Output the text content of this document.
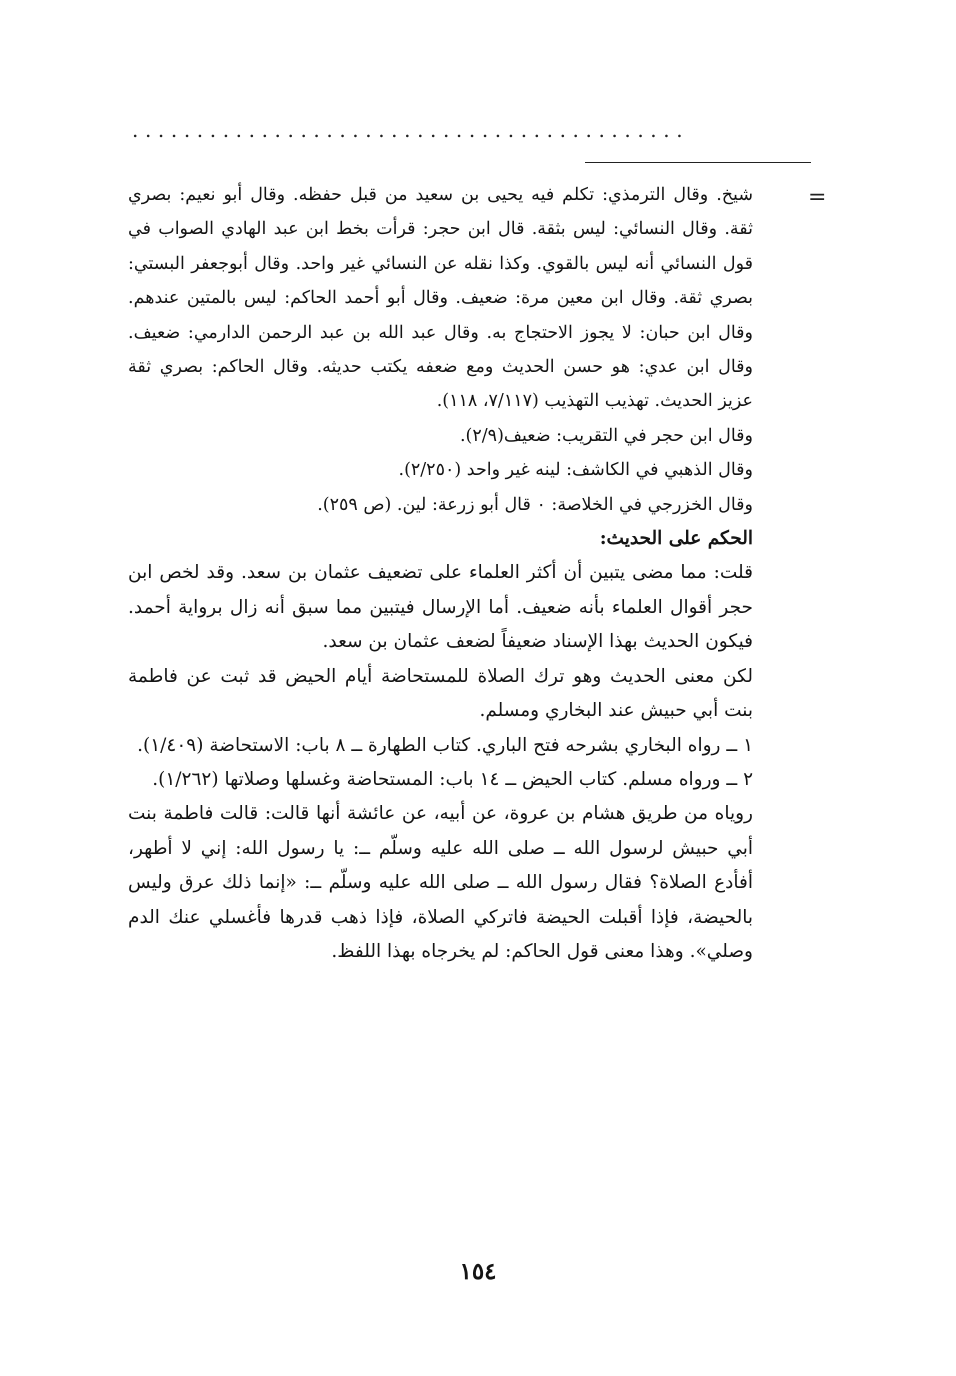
...........................................
=

شيخ. وقال الترمذي: تكلم فيه يحيى بن سعيد من قبل حفظه. وقال أبو نعيم: بصري ثقة. وقال النسائي: ليس بثقة. قال ابن حجر: قرأت بخط ابن عبد الهادي الصواب في قول النسائي أنه ليس بالقوي. وكذا نقله عن النسائي غير واحد. وقال أبوجعفر البستي: بصري ثقة. وقال ابن معين مرة: ضعيف. وقال أبو أحمد الحاكم: ليس بالمتين عندهم. وقال ابن حبان: لا يجوز الاحتجاج به. وقال عبد الله بن عبد الرحمن الدارمي: ضعيف. وقال ابن عدي: هو حسن الحديث ومع ضعفه يكتب حديثه. وقال الحاكم: بصري ثقة عزيز الحديث. تهذيب التهذيب (٧/١١٧، ١١٨).

وقال ابن حجر في التقريب: ضعيف(٢/٩).

وقال الذهبي في الكاشف: لينه غير واحد (٢/٢٥٠).

وقال الخزرجي في الخلاصة: ٠ قال أبو زرعة: لين. (ص ٢٥٩).

الحكم على الحديث:

قلت: مما مضى يتبين أن أكثر العلماء على تضعيف عثمان بن سعد. وقد لخص ابن حجر أقوال العلماء بأنه ضعيف. أما الإرسال فيتبين مما سبق أنه زال برواية أحمد. فيكون الحديث بهذا الإسناد ضعيفاً لضعف عثمان بن سعد.

لكن معنى الحديث وهو ترك الصلاة للمستحاضة أيام الحيض قد ثبت عن فاطمة بنت أبي حبيش عند البخاري ومسلم.

١ ــ رواه البخاري بشرحه فتح الباري. كتاب الطهارة ــ ٨ باب: الاستحاضة (١/٤٠٩).

٢ ــ ورواه مسلم. كتاب الحيض ــ ١٤ باب: المستحاضة وغسلها وصلاتها (١/٢٦٢).

روياه من طريق هشام بن عروة، عن أبيه، عن عائشة أنها قالت: قالت فاطمة بنت أبي حبيش لرسول الله ــ صلى الله عليه وسلّم ــ: يا رسول الله: إني لا أطهر، أفأدع الصلاة؟ فقال رسول الله ــ صلى الله عليه وسلّم ــ: «إنما ذلك عرق وليس بالحيضة، فإذا أقبلت الحيضة فاتركي الصلاة، فإذا ذهب قدرها فأغسلي عنك الدم وصلي». وهذا معنى قول الحاكم: لم يخرجاه بهذا اللفظ.

١٥٤
